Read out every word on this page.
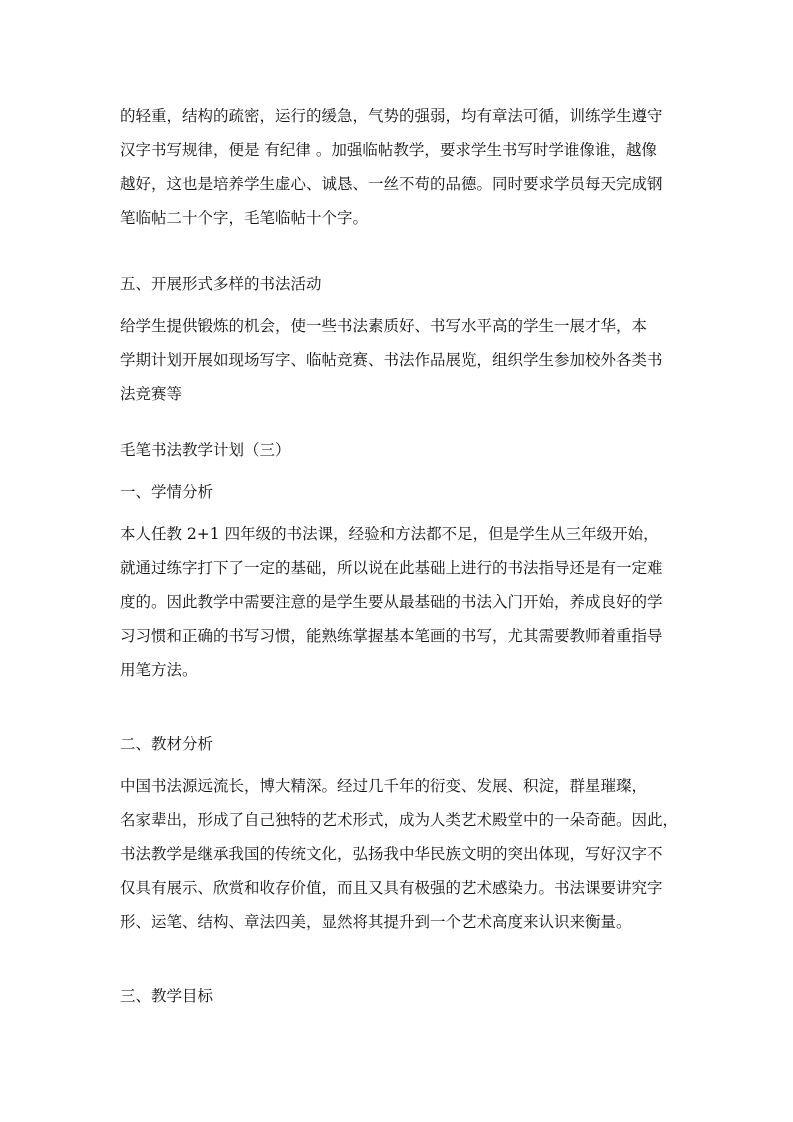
的轻重，结构的疏密，运行的缓急，气势的强弱，均有章法可循，训练学生遵守
汉字书写规律，便是 有纪律 。加强临帖教学，要求学生书写时学谁像谁，越像
越好，这也是培养学生虚心、诚恳、一丝不苟的品德。同时要求学员每天完成钢
笔临帖二十个字，毛笔临帖十个字。
五、开展形式多样的书法活动
给学生提供锻炼的机会，使一些书法素质好、书写水平高的学生一展才华，本
学期计划开展如现场写字、临帖竞赛、书法作品展览，组织学生参加校外各类书
法竞赛等
毛笔书法教学计划（三）
一、学情分析
本人任教 2+1 四年级的书法课，经验和方法都不足，但是学生从三年级开始，
就通过练字打下了一定的基础，所以说在此基础上进行的书法指导还是有一定难
度的。因此教学中需要注意的是学生要从最基础的书法入门开始，养成良好的学
习习惯和正确的书写习惯，能熟练掌握基本笔画的书写，尤其需要教师着重指导
用笔方法。
二、教材分析
中国书法源远流长，博大精深。经过几千年的衍变、发展、积淀，群星璀璨，
名家辈出，形成了自己独特的艺术形式，成为人类艺术殿堂中的一朵奇葩。因此，
书法教学是继承我国的传统文化，弘扬我中华民族文明的突出体现，写好汉字不
仅具有展示、欣赏和收存价值，而且又具有极强的艺术感染力。书法课要讲究字
形、运笔、结构、章法四美，显然将其提升到一个艺术高度来认识来衡量。
三、教学目标
